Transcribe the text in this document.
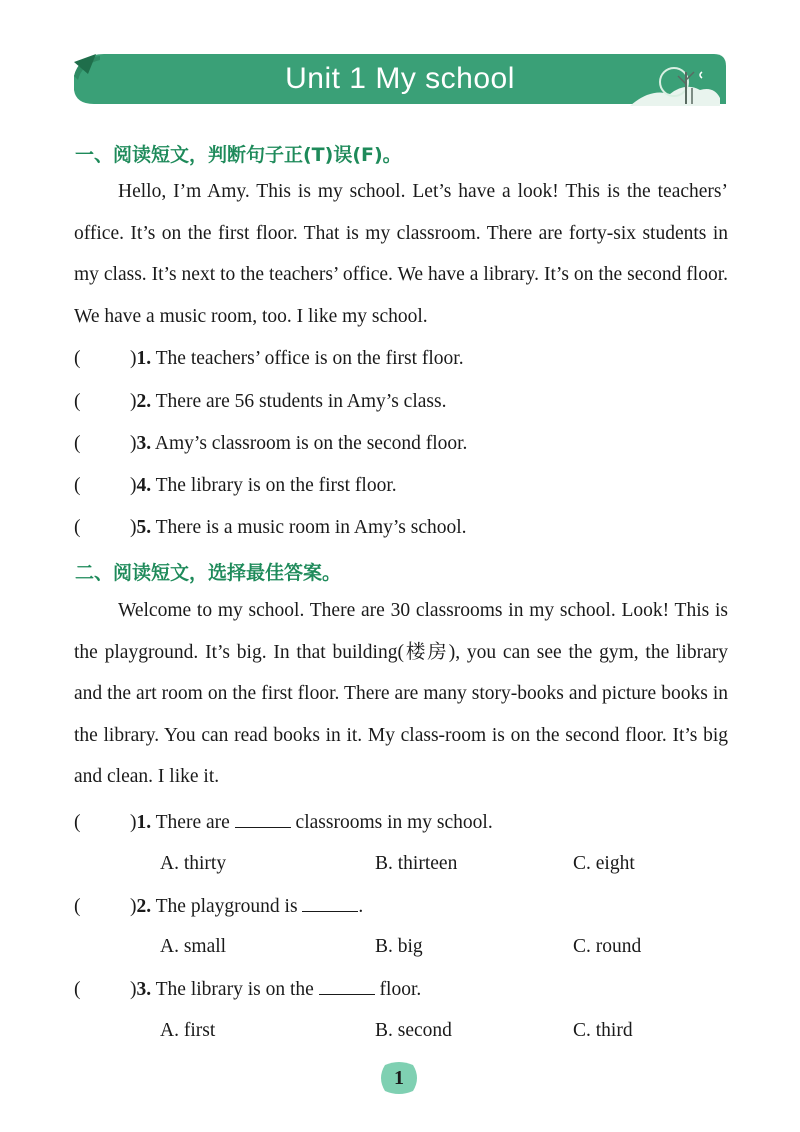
Unit 1 My school
一、阅读短文，判断句子正(T)误(F)。

Hello, I’m Amy. This is my school. Let’s have a look! This is the teachers’ office. It’s on the first floor. That is my classroom. There are forty-six students in my class. It’s next to the teachers’ office. We have a library. It’s on the second floor. We have a music room, too. I like my school.

(	)1. The teachers’ office is on the first floor.
(	)2. There are 56 students in Amy’s class.
(	)3. Amy’s classroom is on the second floor.
(	)4. The library is on the first floor.
(	)5. There is a music room in Amy’s school.
二、阅读短文，选择最佳答案。

Welcome to my school. There are 30 classrooms in my school. Look! This is the playground. It’s big. In that building(楼房), you can see the gym, the library and the art room on the first floor. There are many story-books and picture books in the library. You can read books in it. My class-room is on the second floor. It’s big and clean. I like it.

(	)1. There are	classrooms in my school.
A. thirty	B. thirteen	C. eight
(	)2. The playground is	.
A. small	B. big	C. round
(	)3. The library is on the	floor.
A. first	B. second	C. third
1
